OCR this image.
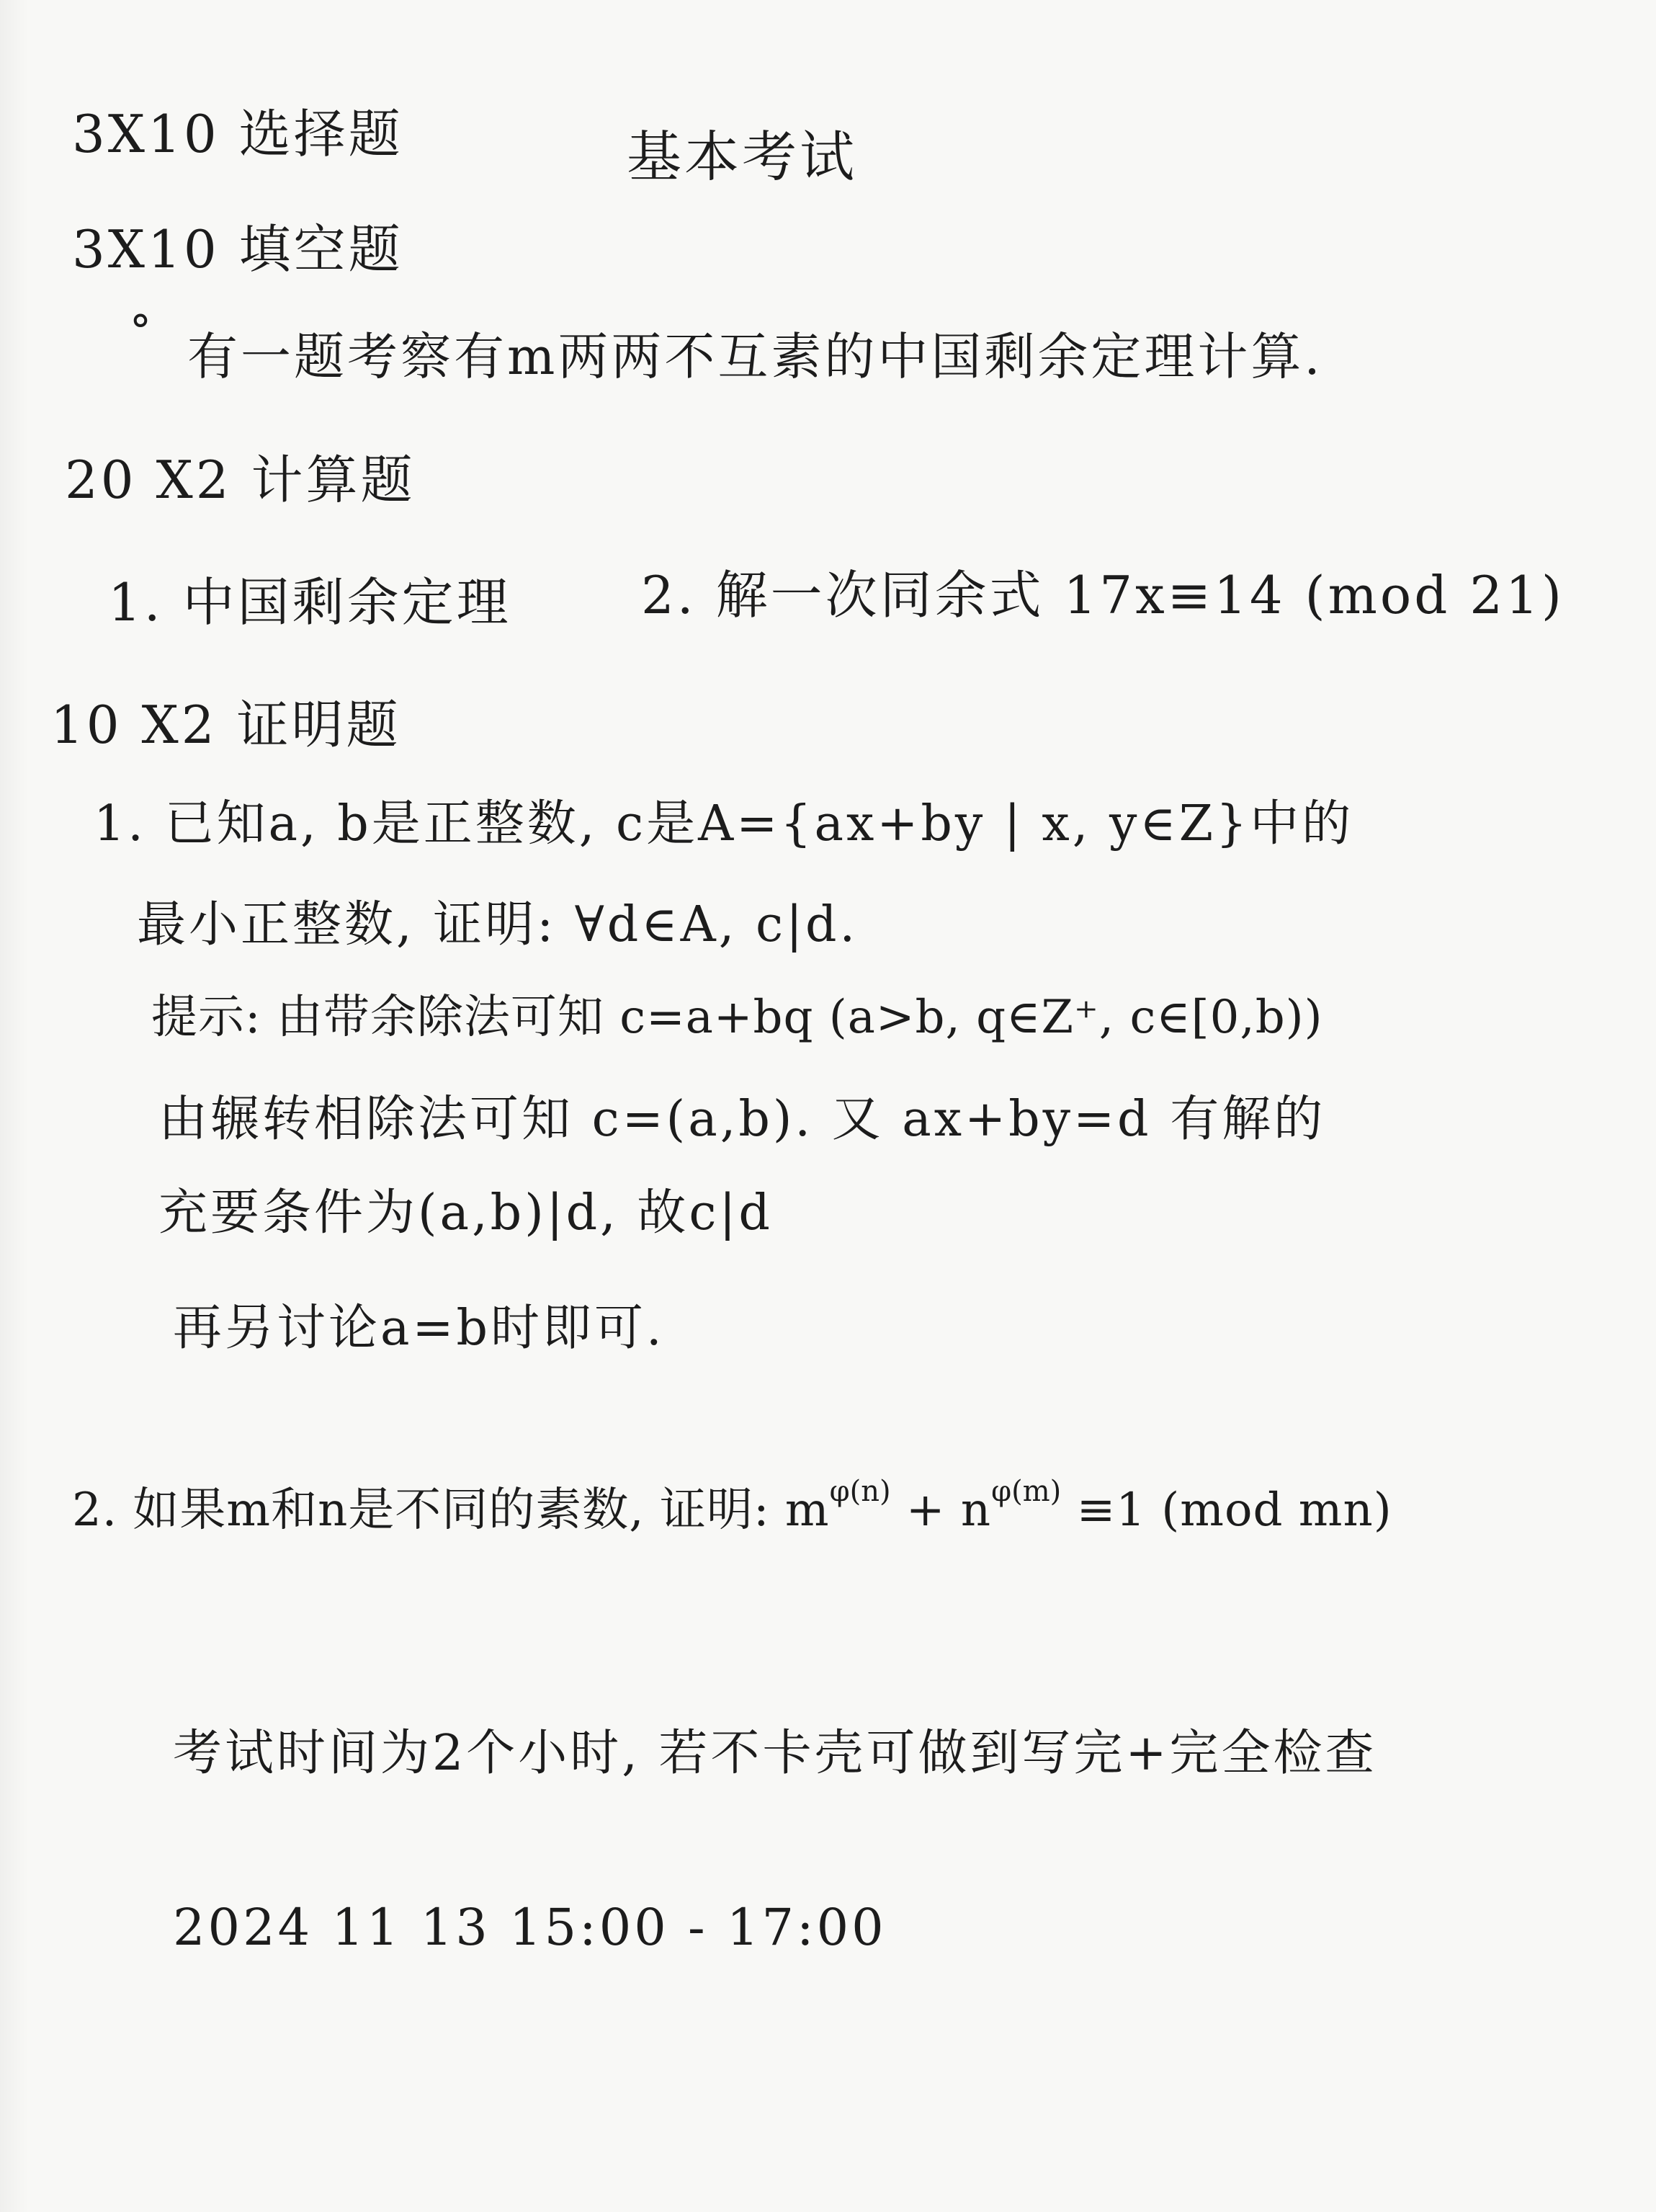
3X10 选择题	基本考试
3X10 填空题
° 有一题考察有m两两不互素的中国剩余定理计算.
20 X2 计算题
1. 中国剩余定理	2. 解一次同余式 17x≡14 (mod 21)
10 X2 证明题
1. 已知a, b是正整数, c是A={ax+by | x, y∈Z}中的
最小正整数, 证明: ∀d∈A, c|d.
提示: 由带余除法可知 c=a+bq (a>b, q∈Z⁺, c∈[0,b))
由辗转相除法可知 c=(a,b). 又 ax+by=d 有解的
充要条件为(a,b)|d, 故c|d
再另讨论a=b时即可.
2. 如果m和n是不同的素数, 证明: $m^{\varphi(n)} + n^{\varphi(m)} \equiv 1$ (mod mn)
考试时间为2个小时, 若不卡壳可做到写完+完全检查
2024 11 13 15:00 - 17:00
